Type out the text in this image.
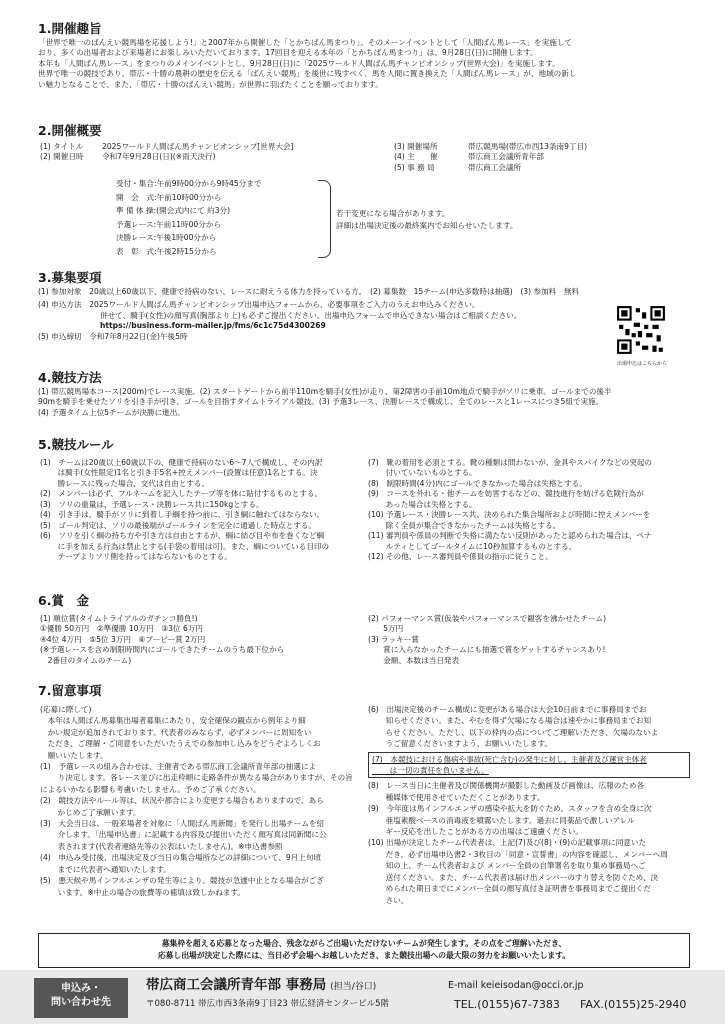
1.開催趣旨
「世界で唯一のばんえい競馬場を応援しよう!」と2007年から開催した「とかちばん馬まつり」。そのメーンイベントとして「人間ばん馬レース」を実施して
おり、多くの出場者および来場者にお楽しみいただいております。17回目を迎える本年の「とかちばん馬まつり」は、9月28日(日)に開催します。
本年も「人間ばん馬レース」をまつりのメインイベントとし、9月28日(日)に「2025ワールド人間ばん馬チャンピオンシップ(世界大会)」を実施します。
世界で唯一の競技であり、帯広・十勝の農耕の歴史を伝える「ばんえい競馬」を後世に残すべく、馬を人間に置き換えた「人間ばん馬レース」が、地域の新し
い魅力となることで、また、「帯広・十勝のばんえい競馬」が世界に羽ばたくことを願っております。
2.開催概要
(1) タイトル	2025ワールド人間ばん馬チャンピオンシップ[世界大会]
(2) 開催日時	令和7年9月28日(日)(※雨天決行)
受付・集合:午前9時00分から9時45分まで
開　会　式:午前10時00分から
準 備 体 操:(開会式内にて 約3分)
予選レース:午前11時00分から
決勝レース:午後1時00分から
表　彰　式:午後2時15分から
若干変更になる場合があります。
詳細は出場決定後の最終案内でお知らせいたします。
(3) 開催場所	帯広競馬場(帯広市西13条南9丁目)
(4) 主　　催	帯広商工会議所青年部
(5) 事 務 局	帯広商工会議所
3.募集要項
(1) 参加対象　20歳以上60歳以下、健康で持病のない、レースに耐えうる体力を持っている方。　(2) 募集数　15チーム(申込多数時は抽選)　(3) 参加料　無料
(4) 申込方法　2025ワールド人間ばん馬チャンピオンシップ出場申込フォームから、必要事項をご入力のうえお申込みください。
併せて、騎手(女性)の顔写真(胸部より上)も必ずご提出ください。出場申込フォームで申込できない場合はご相談ください。
https://business.form-mailer.jp/fms/6c1c75d4300269
(5) 申込締切　令和7年8月22日(金)午後5時
出場申込はこちらから
4.競技方法
(1) 帯広競馬場本コース(200m)でレース実施。(2) スタートゲートから前半110mを騎手(女性)が走り、第2障害の手前10m地点で騎手がソリに乗車。ゴールまでの後半
90mを騎手を乗せたソリを引き手が引き、ゴールを目指すタイムトライアル競技。(3) 予選3レース、決勝レースで構成し、全てのレースと1レースにつき5組で実施。
(4) 予選タイム上位5チームが決勝に進出。
5.競技ルール
(1)　チームは20歳以上60歳以下の、健康で持病のない6～7人で構成し、その内訳
　　 は騎手(女性限定)1名と引き手5名+控えメンバー(設置は任意)1名とする。決
　　 勝レースに残った場合、交代は自由とする。
(2)　メンバーは必ず、フルネームを記入したテープ等を体に貼付するものとする。
(3)　ソリの重量は、予選レース・決勝レース共に150kgとする。
(4)　引き手は、騎手がソリに到着し手綱を持つ前に、引き綱に触れてはならない。
(5)　ゴール判定は、ソリの最後端がゴールラインを完全に通過した時点とする。
(6)　ソリを引く綱の持ち方や引き方は自由とするが、綱に結び目や布を巻くなど綱
　　 に手を加える行為は禁止とする(手袋の着用は可)。また、綱についている目印の
　　 テープよりソリ側を持ってはならないものとする。
(7)　靴の着用を必須とする。靴の種類は問わないが、金具やスパイクなどの突起の
　　 付いていないものとする。
(8)　制限時間(4分)内にゴールできなかった場合は失格とする。
(9)　コースを外れる・他チームを妨害するなどの、競技進行を妨げる危険行為が
　　 あった場合は失格とする。
(10) 予選レース・決勝レース共、決められた集合場所および時間に控えメンバーを
　　 除く全員が集合できなかったチームは失格とする。
(11) 審判員や係員の判断で失格に満たない反則があったと認められた場合は、ペナ
　　 ルティとしてゴールタイムに10秒加算するものとする。
(12) その他、レース審判員や係員の指示に従うこと。
6.賞　金
(1) 順位賞(タイムトライアルのガチンコ勝負!)
①優勝 50万円　②準優勝 10万円　③3位 6万円
④4位 4万円　⑤5位 3万円　⑥ブービー賞 2万円
(※予選レースを含め制限時間内にゴールできたチームのうち最下位から
　2番目のタイムのチーム)
(2) パフォーマンス賞(仮装やパフォーマンスで観客を沸かせたチーム)
　　5万円
(3) ラッキー賞
　　賞に入らなかったチームにも抽選で賞をゲットするチャンスあり!
　　金額、本数は当日発表
7.留意事項
(応募に際して)
　本年は人間ばん馬募集出場者募集にあたり、安全確保の観点から例年より細
　かい規定が追加されております。代表者のみならず、必ずメンバーに周知をい
　ただき、ご理解・ご同意をいただいたうえでの参加申し込みをどうぞよろしくお
　願いいたします。
(1)　予選レースの組み合わせは、主催者である帯広商工会議所青年部の抽選によ
　　 り決定します。各レース並びに出走枠順に走路条件が異なる場合がありますが、その旨によるいかなる影響も考慮いたしません。予めご了承ください。
(2)　競技方法やルール等は、状況や都合により変更する場合もありますので、あら
　　 かじめご了承願います。
(3)　大会当日は、一般来場者を対象に「人間ばん馬新聞」を発行し出場チームを紹
　　 介します。「出場申込書」に記載する内容及び提出いただく顔写真は同新聞に公
　　 表されます(代表者連絡先等の公表はいたしません)。※申込書参照
(4)　申込み受付後、出場決定及び当日の集合場所などの詳細について、9月上旬頃
　　 までに代表者へ通知いたします。
(5)　悪天候や馬インフルエンザの発生等により、競技が急遽中止となる場合がござ
　　 います。※中止の場合の旅費等の補填は致しかねます。
(6)　出場決定後のチーム構成に変更がある場合は大会10日前までに事務局までお
　　 知らせください。また、やむを得ず欠場になる場合は速やかに事務局までお知
　　 らせください。ただし、以下の枠内の点についてご理解いただき、欠場のないよ
　　 うご留意くださいますよう、お願いいたします。
(7)　本競技における傷病や事故(死亡含む)の発生に対し、主催者及び運営主体者
　　 は一切の責任を負いません。
(8)　レース当日に主催者及び関係機関が撮影した動画及び画像は、広報のため各
　　 種媒体で使用させていただくことがあります。
(9)　今年度は馬インフルエンザの感染や拡大を防ぐため、スタッフを含め全身に次
　　 亜塩素酸ベースの消毒液を噴霧いたします。過去に同薬品で激しいアレル
　　 ギー反応を出したことがある方の出場はご遠慮ください。
(10) 出場が決定したチーム代表者は、上記(7)及び(8)・(9)の記載事項に同意いた
　　 だき、必ず出場申込書2・3枚目の「同意・宣誓書」の内容を確認し、メンバーへ周
　　 知の上、チーム代表者および メンバー全員の自筆署名を取り集め事務局へご
　　 送付ください。また、チーム代表者は届け出メンバーのすり替えを防ぐため、決
　　 められた期日までにメンバー全員の顔写真付き証明書を事務局までご提出くだ
　　 さい。
募集枠を超える応募となった場合、残念ながらご出場いただけないチームが発生します。その点をご理解いただき、
応募し出場が決定した際には、当日必ず会場へお越しいただき、また競技出場への最大限の努力をお願いいたします。
申込み・
問い合わせ先
帯広商工会議所青年部 事務局 (担当/谷口)	E-mail keieisodan@occi.or.jp
〒080-8711 帯広市西3条南9丁目23 帯広経済センタービル5階	TEL.(0155)67-7383 FAX.(0155)25-2940
